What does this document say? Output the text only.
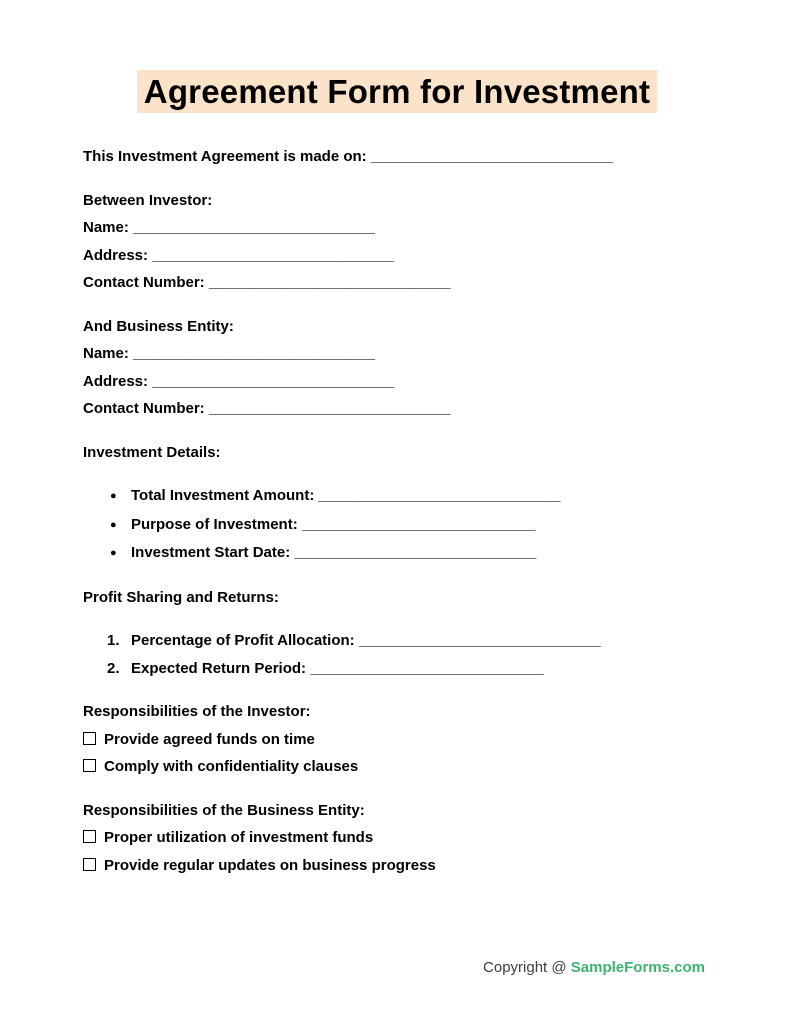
Agreement Form for Investment
This Investment Agreement is made on: _____________________________
Between Investor:
Name: _____________________________
Address: _____________________________
Contact Number: _____________________________
And Business Entity:
Name: _____________________________
Address: _____________________________
Contact Number: _____________________________
Investment Details:
● Total Investment Amount: _____________________________
● Purpose of Investment: ____________________________
● Investment Start Date: _____________________________
Profit Sharing and Returns:
1. Percentage of Profit Allocation: _____________________________
2. Expected Return Period: ____________________________
Responsibilities of the Investor:
Provide agreed funds on time
Comply with confidentiality clauses
Responsibilities of the Business Entity:
Proper utilization of investment funds
Provide regular updates on business progress
Copyright @ SampleForms.com
